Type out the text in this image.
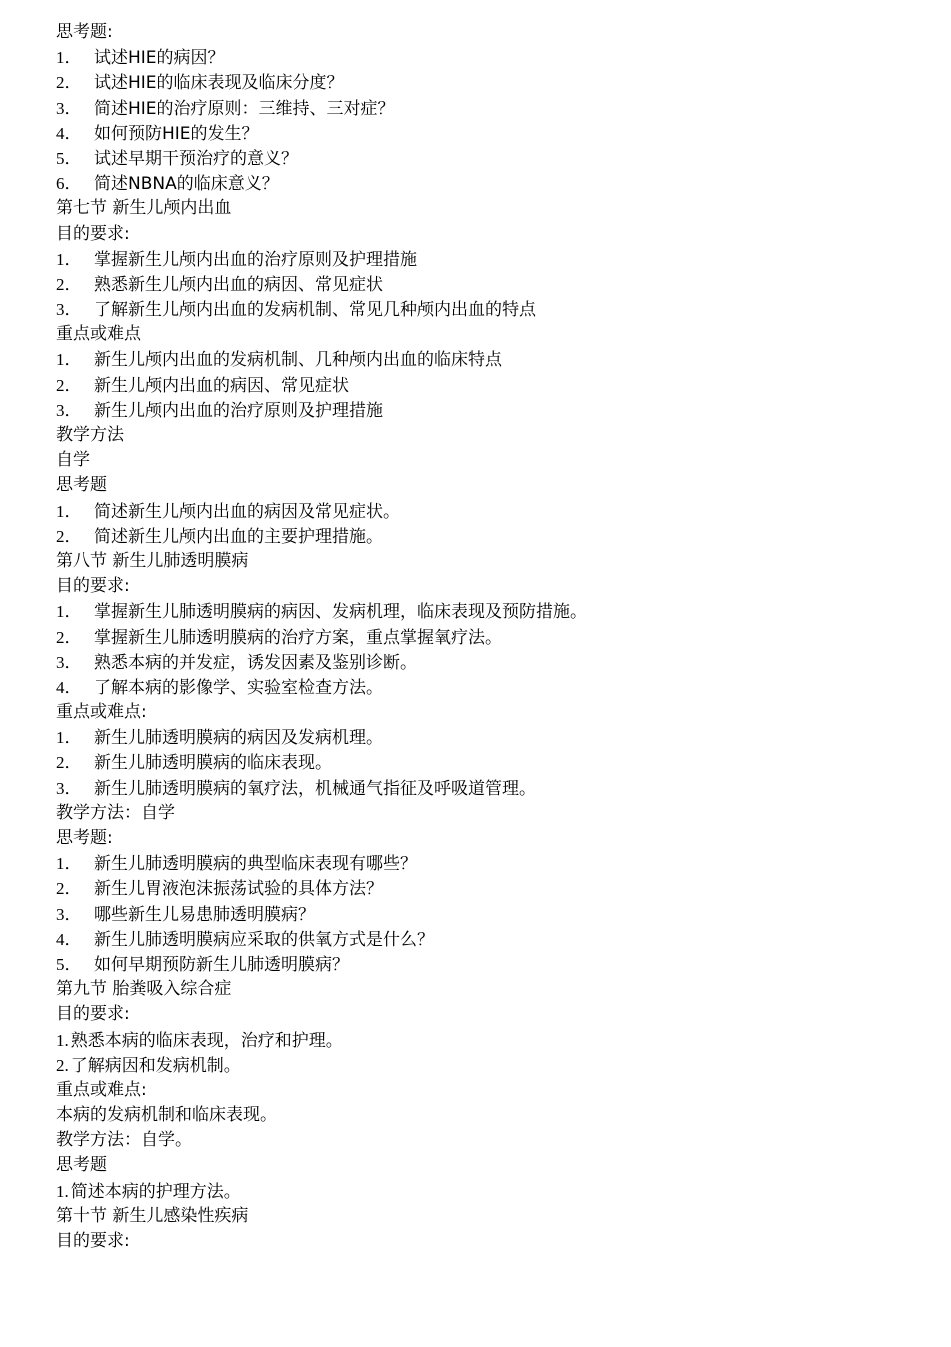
思考题:
1． 试述HIE的病因？
2． 试述HIE的临床表现及临床分度？
3． 简述HIE的治疗原则：三维持、三对症？
4． 如何预防HIE的发生？
5． 试述早期干预治疗的意义？
6． 简述NBNA的临床意义？
第七节 新生儿颅内出血
目的要求:
1． 掌握新生儿颅内出血的治疗原则及护理措施
2． 熟悉新生儿颅内出血的病因、常见症状
3． 了解新生儿颅内出血的发病机制、常见几种颅内出血的特点
重点或难点
1． 新生儿颅内出血的发病机制、几种颅内出血的临床特点
2． 新生儿颅内出血的病因、常见症状
3． 新生儿颅内出血的治疗原则及护理措施
教学方法
自学
思考题
1． 简述新生儿颅内出血的病因及常见症状。
2． 简述新生儿颅内出血的主要护理措施。
第八节 新生儿肺透明膜病
目的要求:
1． 掌握新生儿肺透明膜病的病因、发病机理，临床表现及预防措施。
2． 掌握新生儿肺透明膜病的治疗方案，重点掌握氧疗法。
3． 熟悉本病的并发症，诱发因素及鉴别诊断。
4． 了解本病的影像学、实验室检查方法。
重点或难点:
1． 新生儿肺透明膜病的病因及发病机理。
2． 新生儿肺透明膜病的临床表现。
3． 新生儿肺透明膜病的氧疗法，机械通气指征及呼吸道管理。
教学方法：自学
思考题:
1． 新生儿肺透明膜病的典型临床表现有哪些？
2． 新生儿胃液泡沫振荡试验的具体方法？
3． 哪些新生儿易患肺透明膜病？
4． 新生儿肺透明膜病应采取的供氧方式是什么？
5． 如何早期预防新生儿肺透明膜病？
第九节 胎粪吸入综合症
目的要求:
1. 熟悉本病的临床表现，治疗和护理。
2. 了解病因和发病机制。
重点或难点:
本病的发病机制和临床表现。
教学方法：自学。
思考题
1. 简述本病的护理方法。
第十节 新生儿感染性疾病
目的要求:
